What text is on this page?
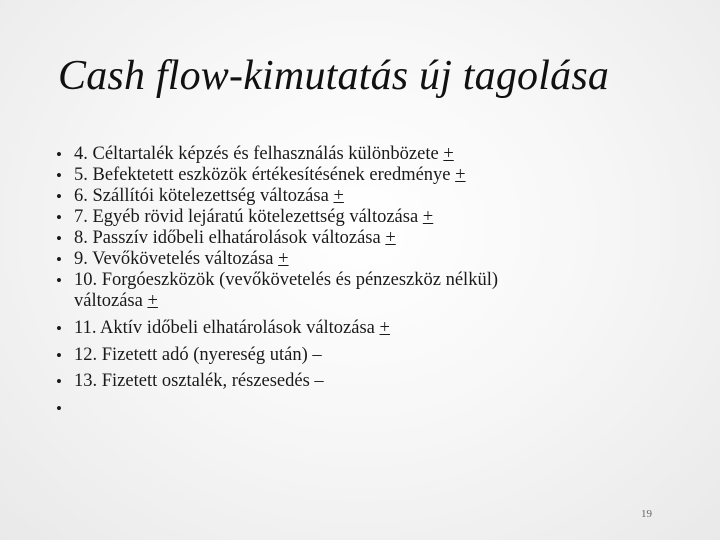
Cash flow-kimutatás új tagolása
• 4. Céltartalék képzés és felhasználás különbözete +
• 5. Befektetett eszközök értékesítésének eredménye +
• 6. Szállítói kötelezettség változása +
• 7. Egyéb rövid lejáratú kötelezettség változása +
• 8. Passzív időbeli elhatárolások változása +
• 9. Vevőkövetelés változása +
• 10. Forgóeszközök (vevőkövetelés és pénzeszköz nélkül)
változása +
• 11. Aktív időbeli elhatárolások változása +
• 12. Fizetett adó (nyereség után) –
• 13. Fizetett osztalék, részesedés –
•
19
